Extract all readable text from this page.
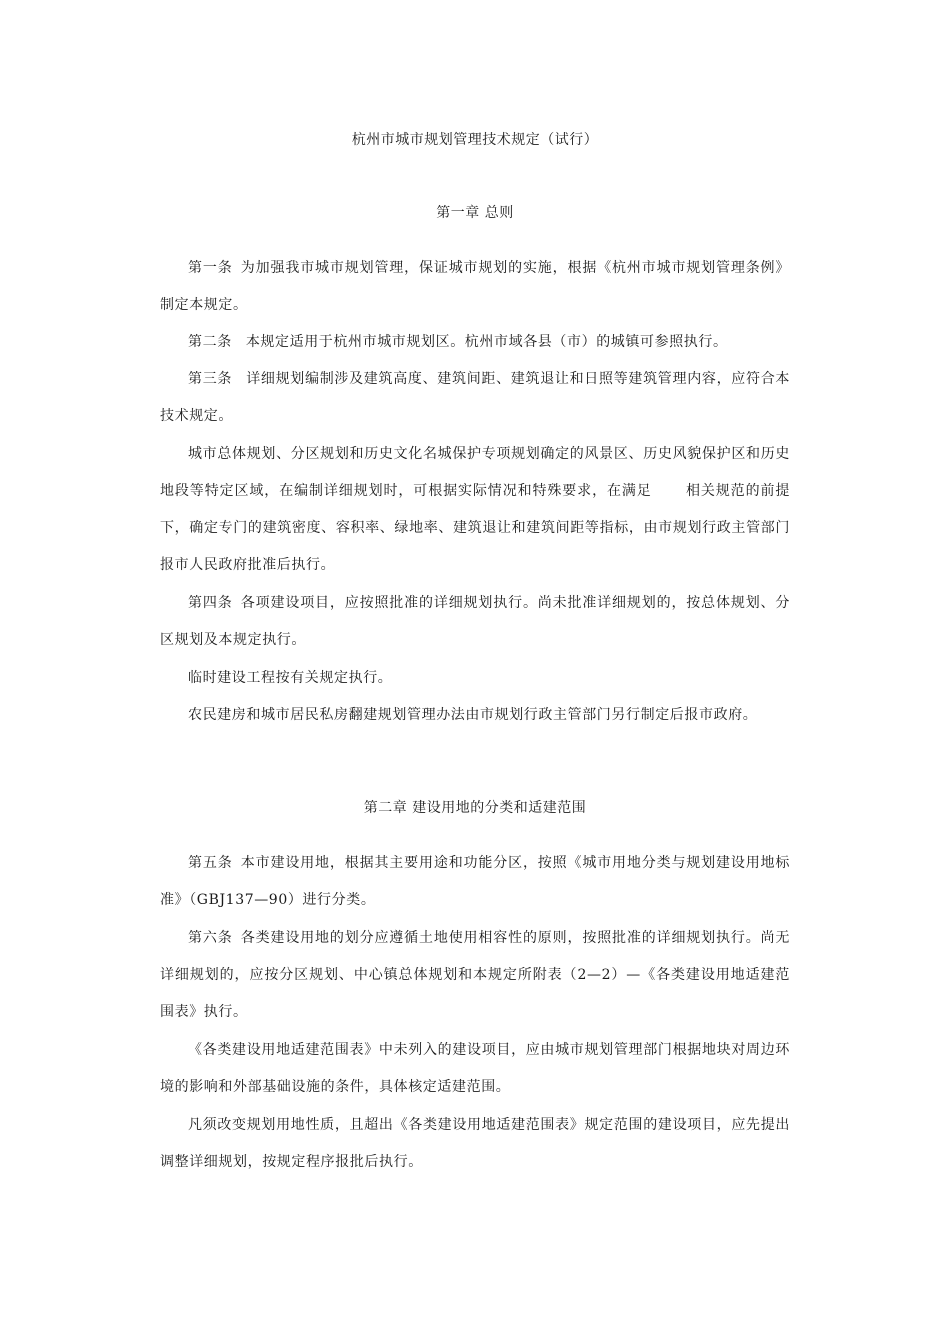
杭州市城市规划管理技术规定（试行）
第一章 总则

第一条 为加强我市城市规划管理，保证城市规划的实施，根据《杭州市城市规划管理条例》制定本规定。

第二条 本规定适用于杭州市城市规划区。杭州市域各县（市）的城镇可参照执行。

第三条 详细规划编制涉及建筑高度、建筑间距、建筑退让和日照等建筑管理内容，应符合本技术规定。

城市总体规划、分区规划和历史文化名城保护专项规划确定的风景区、历史风貌保护区和历史地段等特定区域，在编制详细规划时，可根据实际情况和特殊要求，在满足 相关规范的前提下，确定专门的建筑密度、容积率、绿地率、建筑退让和建筑间距等指标，由市规划行政主管部门报市人民政府批准后执行。

第四条 各项建设项目，应按照批准的详细规划执行。尚未批准详细规划的，按总体规划、分区规划及本规定执行。

临时建设工程按有关规定执行。

农民建房和城市居民私房翻建规划管理办法由市规划行政主管部门另行制定后报市政府。

第二章 建设用地的分类和适建范围

第五条 本市建设用地，根据其主要用途和功能分区，按照《城市用地分类与规划建设用地标准》（GBJ137—90）进行分类。

第六条 各类建设用地的划分应遵循土地使用相容性的原则，按照批准的详细规划执行。尚无详细规划的，应按分区规划、中心镇总体规划和本规定所附表（2—2）—《各类建设用地适建范围表》执行。

《各类建设用地适建范围表》中未列入的建设项目，应由城市规划管理部门根据地块对周边环境的影响和外部基础设施的条件，具体核定适建范围。

凡须改变规划用地性质，且超出《各类建设用地适建范围表》规定范围的建设项目，应先提出调整详细规划，按规定程序报批后执行。
